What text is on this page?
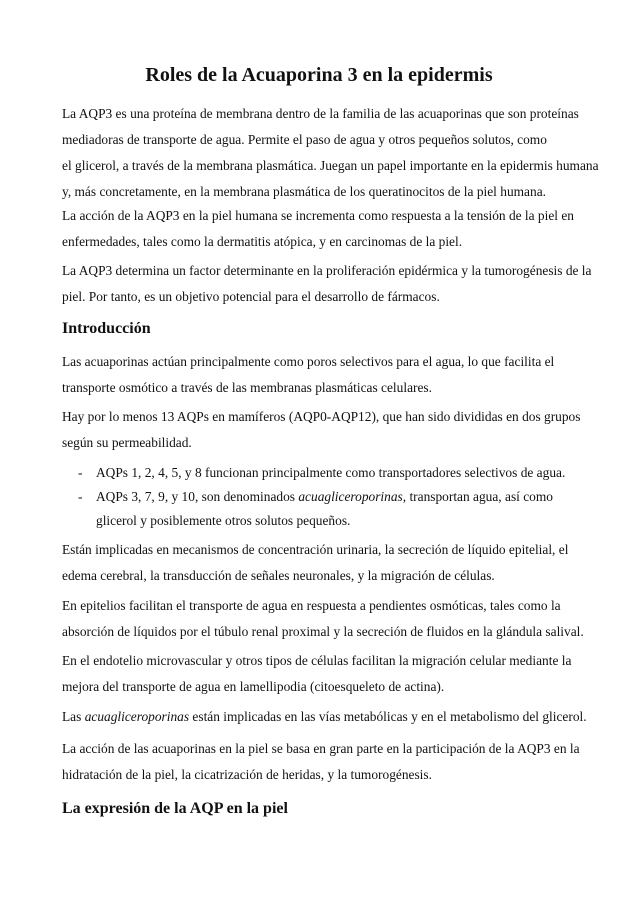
Roles de la Acuaporina 3 en la epidermis
La AQP3 es una proteína de membrana dentro de la familia de las acuaporinas que son proteínas
mediadoras de transporte de agua. Permite el paso de agua y otros pequeños solutos, como
el glicerol, a través de la membrana plasmática. Juegan un papel importante en la epidermis humana
y, más concretamente, en la membrana plasmática de los queratinocitos de la piel humana.
La acción de la AQP3 en la piel humana se incrementa como respuesta a la tensión de la piel en
enfermedades, tales como la dermatitis atópica, y en carcinomas de la piel.
La AQP3 determina un factor determinante en la proliferación epidérmica y la tumorogénesis de la
piel. Por tanto, es un objetivo potencial para el desarrollo de fármacos.
Introducción
Las acuaporinas actúan principalmente como poros selectivos para el agua, lo que facilita el
transporte osmótico a través de las membranas plasmáticas celulares.
Hay por lo menos 13 AQPs en mamíferos (AQP0-AQP12), que han sido divididas en dos grupos
según su permeabilidad.
- AQPs 1, 2, 4, 5, y 8 funcionan principalmente como transportadores selectivos de agua.
- AQPs 3, 7, 9, y 10, son denominados acuagliceroporinas, transportan agua, así como
glicerol y posiblemente otros solutos pequeños.
Están implicadas en mecanismos de concentración urinaria, la secreción de líquido epitelial, el
edema cerebral, la transducción de señales neuronales, y la migración de células.
En epitelios facilitan el transporte de agua en respuesta a pendientes osmóticas, tales como la
absorción de líquidos por el túbulo renal proximal y la secreción de fluidos en la glándula salival.
En el endotelio microvascular y otros tipos de células facilitan la migración celular mediante la
mejora del transporte de agua en lamellipodia (citoesqueleto de actina).
Las acuagliceroporinas están implicadas en las vías metabólicas y en el metabolismo del glicerol.
La acción de las acuaporinas en la piel se basa en gran parte en la participación de la AQP3 en la
hidratación de la piel, la cicatrización de heridas, y la tumorogénesis.
La expresión de la AQP en la piel
